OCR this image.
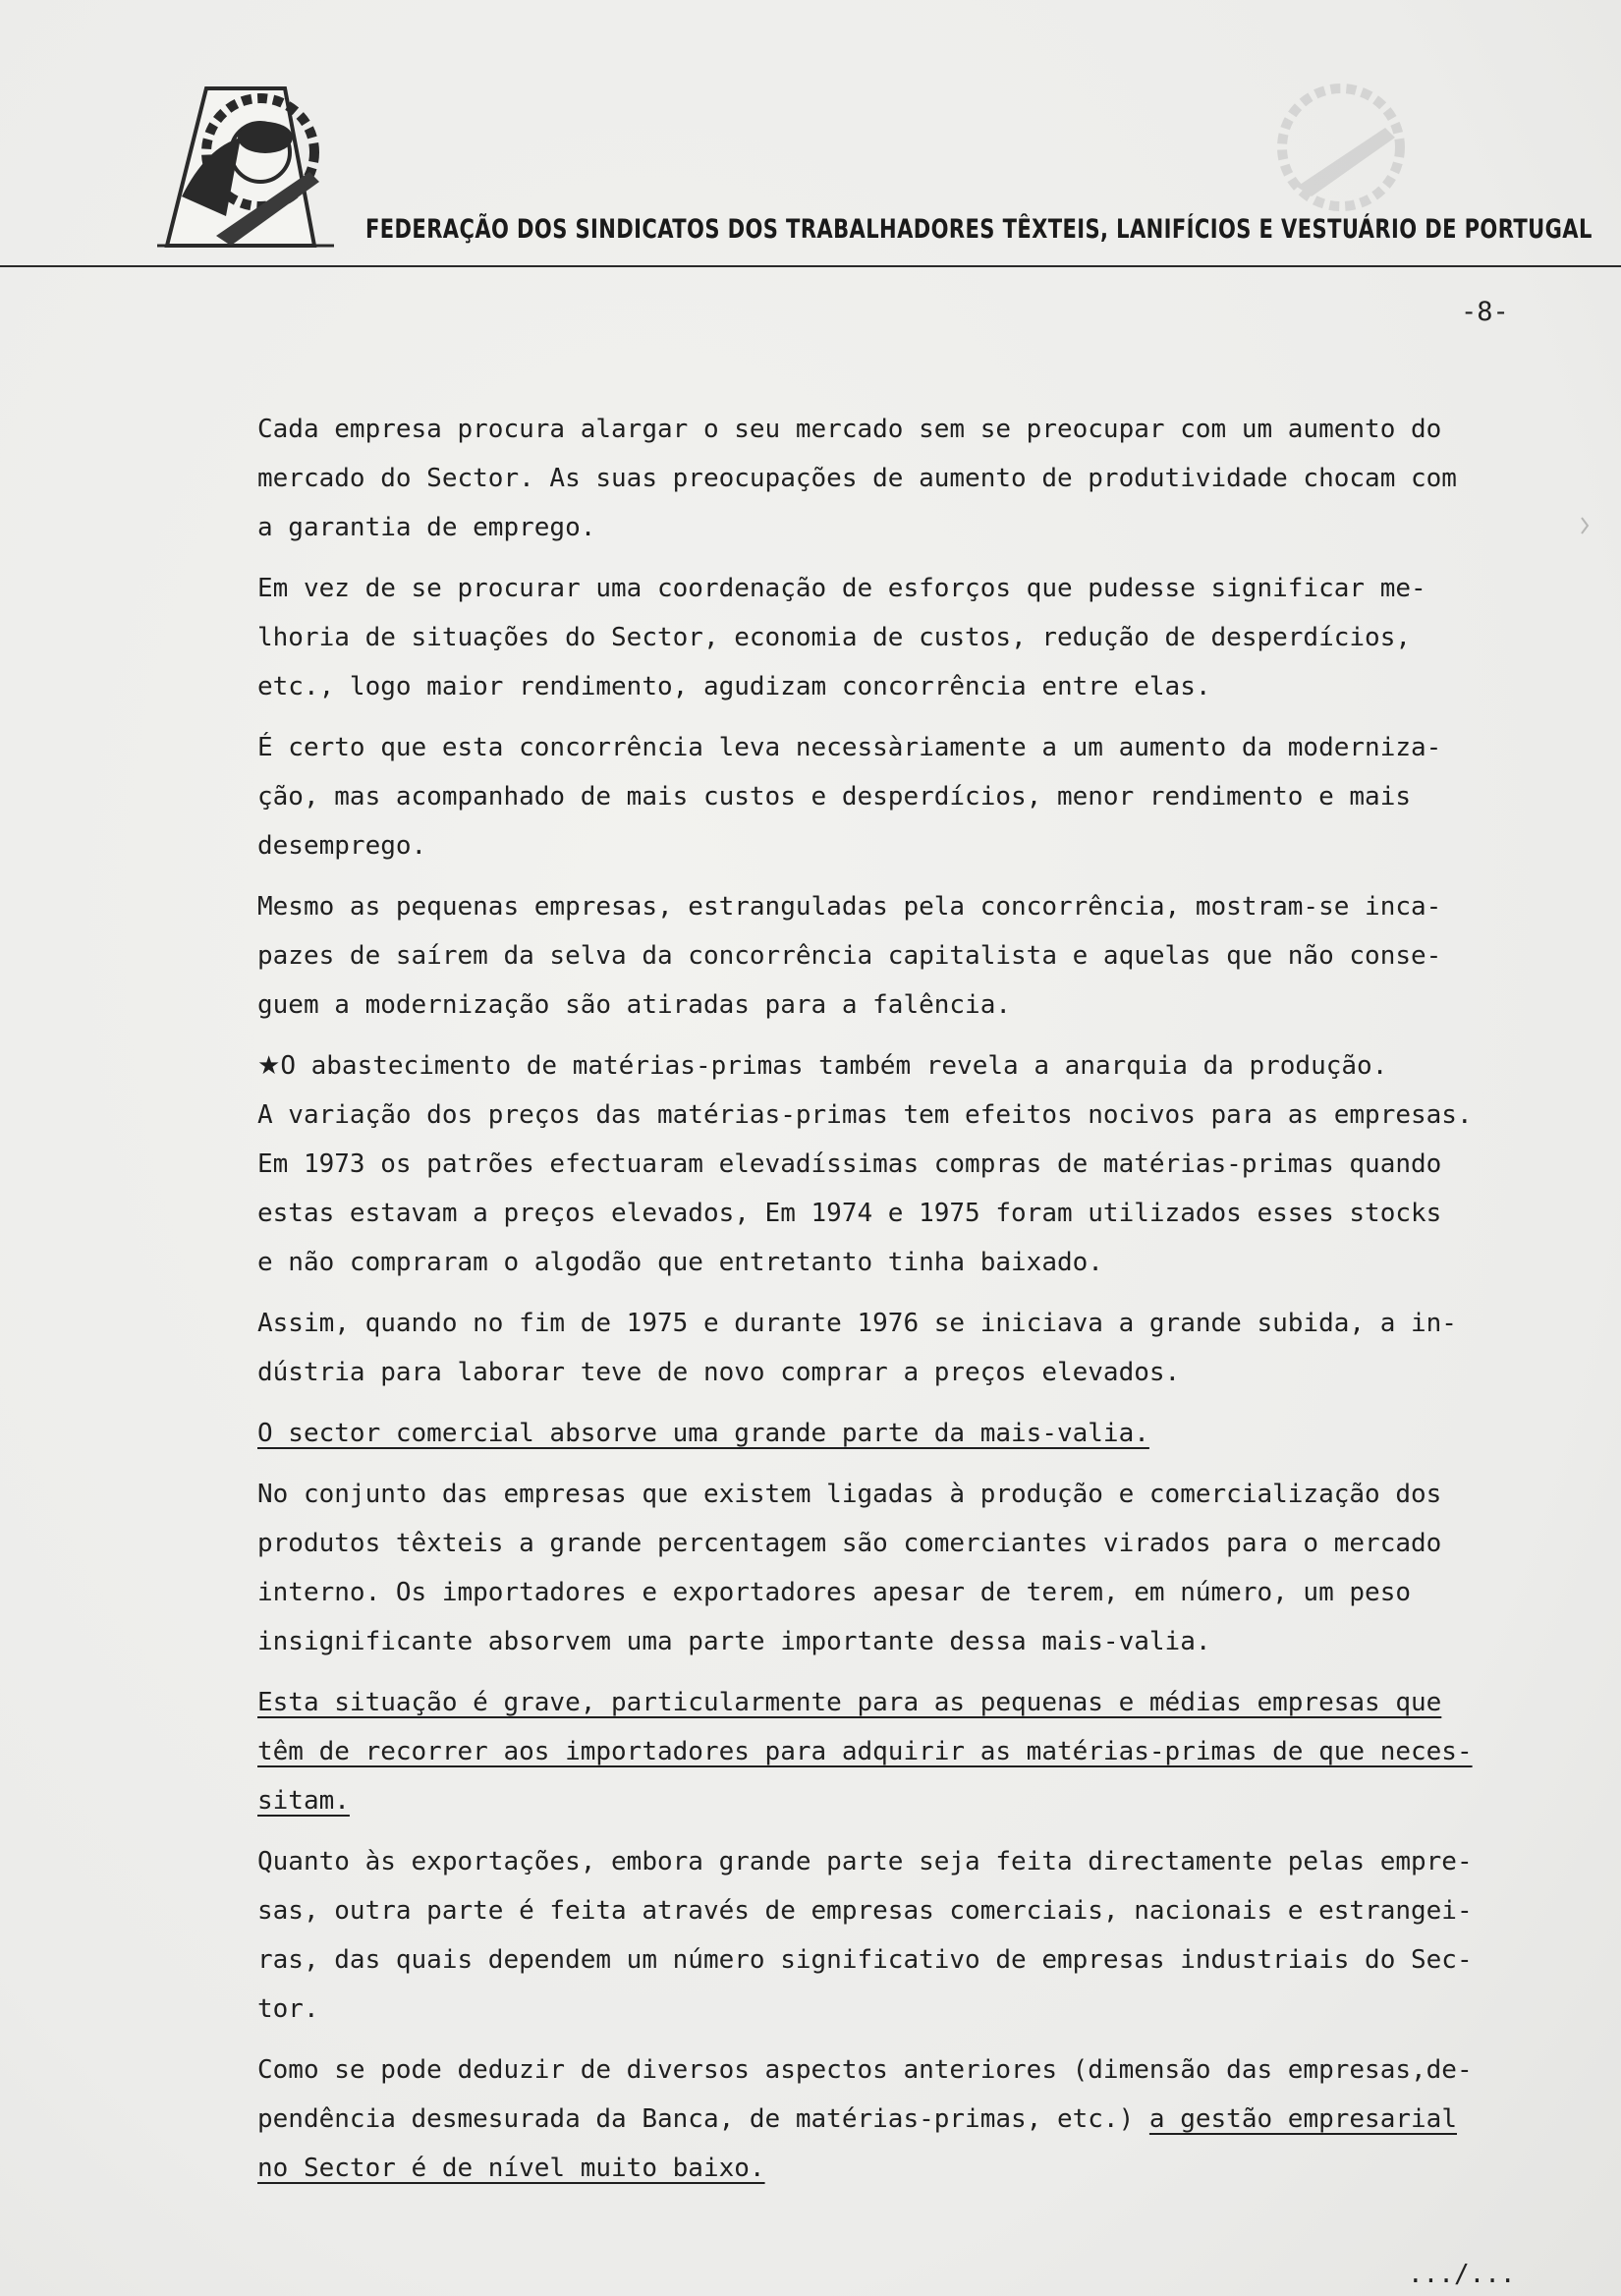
FEDERAÇÃO DOS SINDICATOS DOS TRABALHADORES TÊXTEIS, LANIFÍCIOS E VESTUÁRIO DE PORTUGAL
-8-
Cada empresa procura alargar o seu mercado sem se preocupar com um aumento do
mercado do Sector. As suas preocupações de aumento de produtividade chocam com
a garantia de emprego.
Em vez de se procurar uma coordenação de esforços que pudesse significar me-
lhoria de situações do Sector, economia de custos, redução de desperdícios,
etc., logo maior rendimento, agudizam concorrência entre elas.
É certo que esta concorrência leva necessàriamente a um aumento da moderniza-
ção, mas acompanhado de mais custos e desperdícios, menor rendimento e mais
desemprego.
Mesmo as pequenas empresas, estranguladas pela concorrência, mostram-se inca-
pazes de saírem da selva da concorrência capitalista e aquelas que não conse-
guem a modernização são atiradas para a falência.
★O abastecimento de matérias-primas também revela a anarquia da produção.
A variação dos preços das matérias-primas tem efeitos nocivos para as empresas.
Em 1973 os patrões efectuaram elevadíssimas compras de matérias-primas quando
estas estavam a preços elevados, Em 1974 e 1975 foram utilizados esses stocks
e não compraram o algodão que entretanto tinha baixado.
Assim, quando no fim de 1975 e durante 1976 se iniciava a grande subida, a in-
dústria para laborar teve de novo comprar a preços elevados.
O sector comercial absorve uma grande parte da mais-valia.
No conjunto das empresas que existem ligadas à produção e comercialização dos
produtos têxteis a grande percentagem são comerciantes virados para o mercado
interno. Os importadores e exportadores apesar de terem, em número, um peso
insignificante absorvem uma parte importante dessa mais-valia.
Esta situação é grave, particularmente para as pequenas e médias empresas que
têm de recorrer aos importadores para adquirir as matérias-primas de que neces-
sitam.
Quanto às exportações, embora grande parte seja feita directamente pelas empre-
sas, outra parte é feita através de empresas comerciais, nacionais e estrangei-
ras, das quais dependem um número significativo de empresas industriais do Sec-
tor.
Como se pode deduzir de diversos aspectos anteriores (dimensão das empresas,de-
pendência desmesurada da Banca, de matérias-primas, etc.) a gestão empresarial
no Sector é de nível muito baixo.
.../...
